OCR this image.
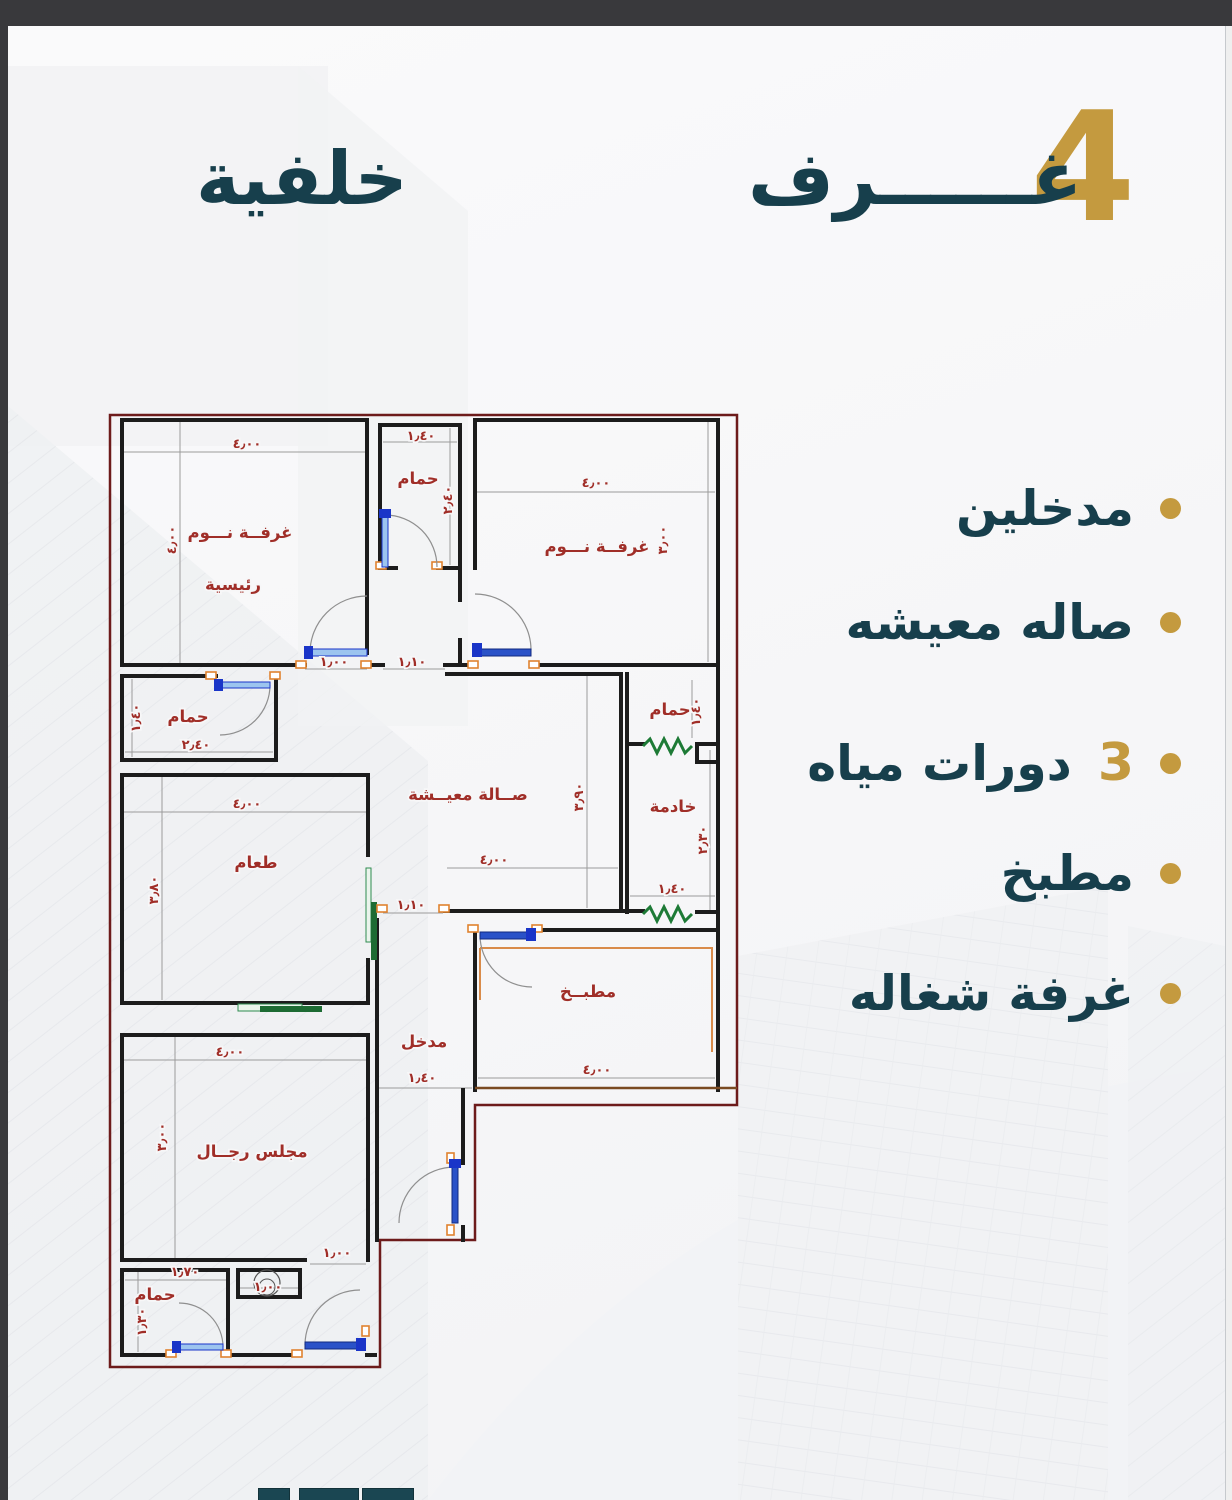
4
غــــــرف
خلفية
مدخلين
صاله معيشه
3
دورات مياه
مطبخ
غرفة شغاله
غرفــة نـــوم
رئيسية
حمام
غرفــة نـــوم
حمام
طعام
صــالة معيــشة
حمام
خادمة
مطبــخ
مدخل
مجلس رجــال
حمام
٤٫٠٠
١٫٤٠
٤٫٠٠
٢٫٤٠
٤٫٠٠
٤٫٠٠
١٫٤٠
٤٫٠٠
١٫٤٠
٤٫٠٠
١٫٧٠
٤٫٠٠
٢٫٤٠
٣٫٠٠
١٫٤٠
٣٫٨٠
٣٫٩٠
١٫٤٠
٢٫٣٠
٣٫٠٠
١٫٣٠
١٫٠٠	١٫١٠
١٫١٠
١٫٠٠
١٫٠٠
